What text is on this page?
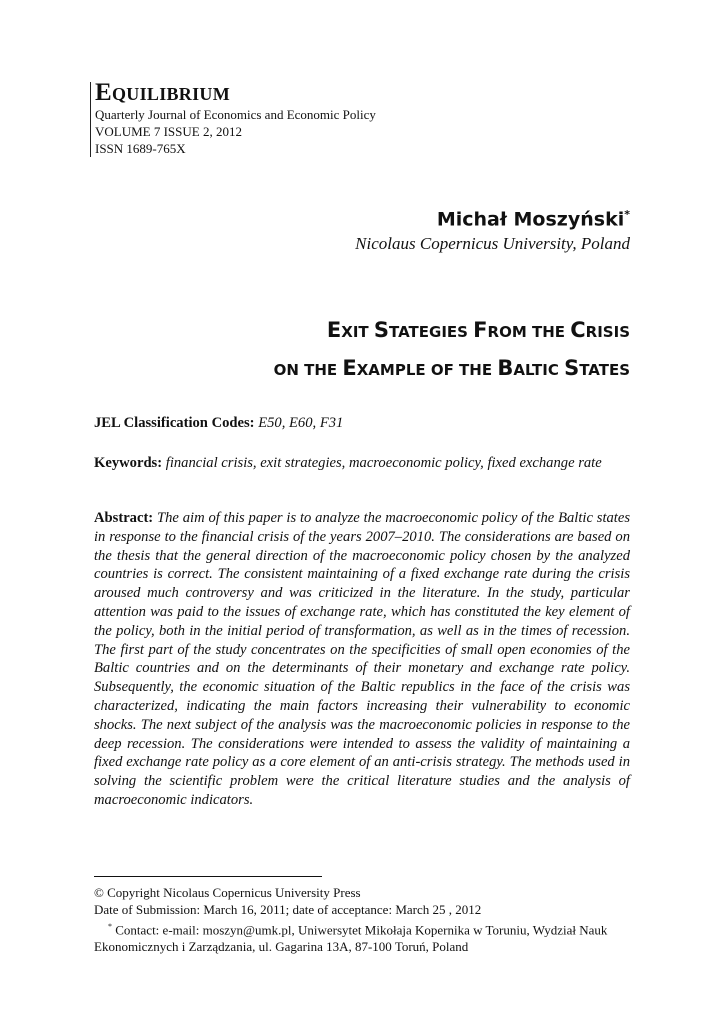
EQUILIBRIUM
Quarterly Journal of Economics and Economic Policy
VOLUME 7 ISSUE 2, 2012
ISSN 1689-765X
Michał Moszyński*
Nicolaus Copernicus University, Poland
EXIT STATEGIES FROM THE CRISIS
ON THE EXAMPLE OF THE BALTIC STATES
JEL Classification Codes: E50, E60, F31
Keywords: financial crisis, exit strategies, macroeconomic policy, fixed exchange rate
Abstract: The aim of this paper is to analyze the macroeconomic policy of the Baltic states in response to the financial crisis of the years 2007–2010. The considerations are based on the thesis that the general direction of the macroeconomic policy chosen by the analyzed countries is correct. The consistent maintaining of a fixed exchange rate during the crisis aroused much controversy and was criticized in the literature. In the study, particular attention was paid to the issues of exchange rate, which has constituted the key element of the policy, both in the initial period of transformation, as well as in the times of recession. The first part of the study concentrates on the specificities of small open economies of the Baltic countries and on the determinants of their monetary and exchange rate policy. Subsequently, the economic situation of the Baltic republics in the face of the crisis was characterized, indicating the main factors increasing their vulnerability to economic shocks. The next subject of the analysis was the macroeconomic policies in response to the deep recession. The considerations were intended to assess the validity of maintaining a fixed exchange rate policy as a core element of an anti-crisis strategy. The methods used in solving the scientific problem were the critical literature studies and the analysis of macroeconomic indicators.
© Copyright Nicolaus Copernicus University Press
Date of Submission: March 16, 2011; date of acceptance: March 25 , 2012
* Contact: e-mail: moszyn@umk.pl, Uniwersytet Mikołaja Kopernika w Toruniu, Wydział Nauk Ekonomicznych i Zarządzania, ul. Gagarina 13A, 87-100 Toruń, Poland
